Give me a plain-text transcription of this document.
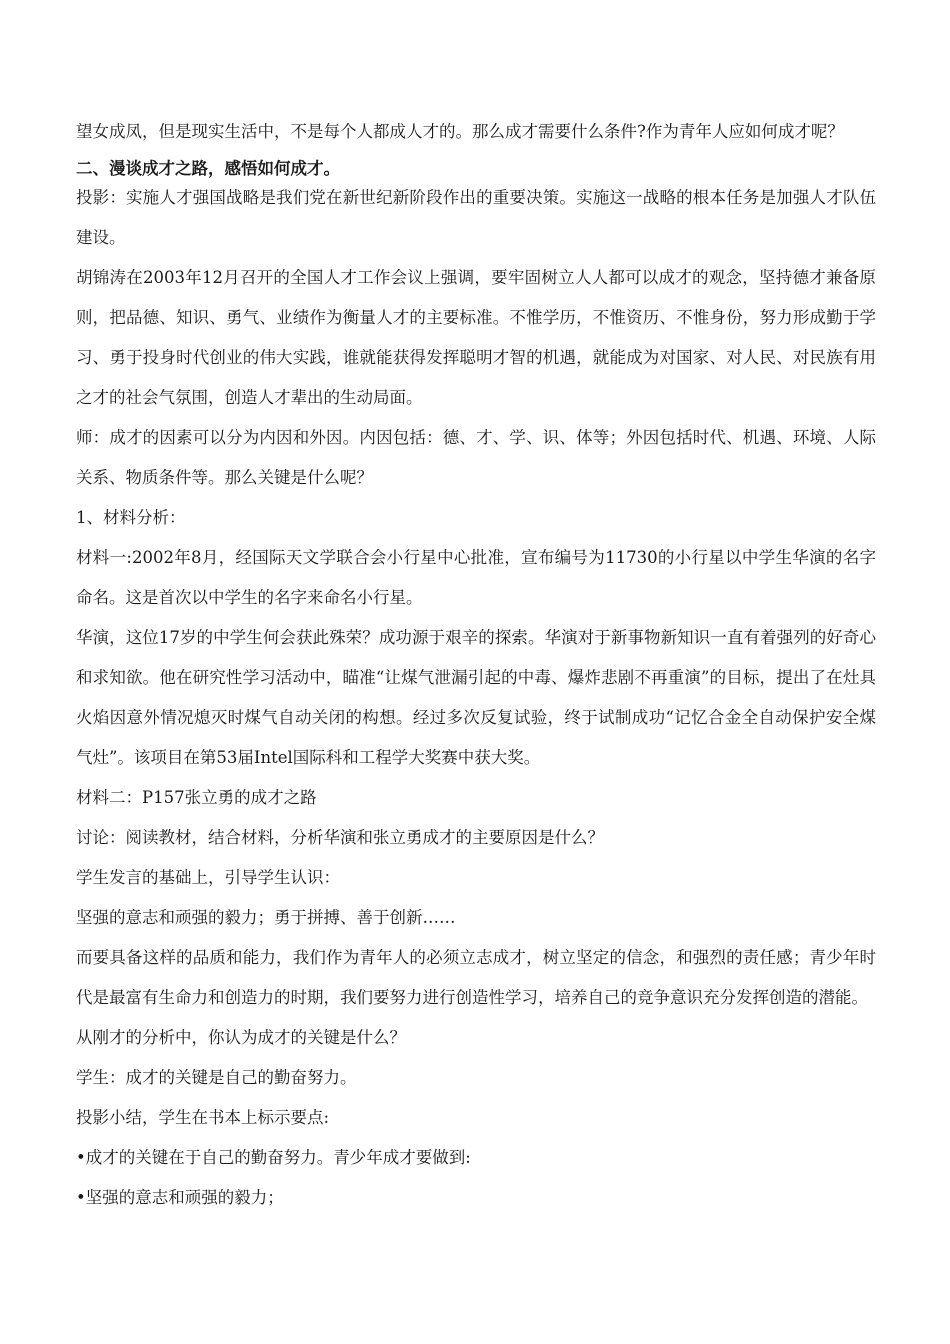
望女成凤，但是现实生活中，不是每个人都成人才的。那么成才需要什么条件?作为青年人应如何成才呢？

二、漫谈成才之路，感悟如何成才。

投影：实施人才强国战略是我们党在新世纪新阶段作出的重要决策。实施这一战略的根本任务是加强人才队伍建设。

胡锦涛在2003年12月召开的全国人才工作会议上强调，要牢固树立人人都可以成才的观念，坚持德才兼备原则，把品德、知识、勇气、业绩作为衡量人才的主要标准。不惟学历，不惟资历、不惟身份，努力形成勤于学习、勇于投身时代创业的伟大实践，谁就能获得发挥聪明才智的机遇，就能成为对国家、对人民、对民族有用之才的社会气氛围，创造人才辈出的生动局面。

师：成才的因素可以分为内因和外因。内因包括：德、才、学、识、体等；外因包括时代、机遇、环境、人际关系、物质条件等。那么关键是什么呢？

1、材料分析：

材料一:2002年8月，经国际天文学联合会小行星中心批准，宣布编号为11730的小行星以中学生华演的名字命名。这是首次以中学生的名字来命名小行星。

华演，这位17岁的中学生何会获此殊荣？成功源于艰辛的探索。华演对于新事物新知识一直有着强列的好奇心和求知欲。他在研究性学习活动中，瞄准“让煤气泄漏引起的中毒、爆炸悲剧不再重演”的目标，提出了在灶具火焰因意外情况熄灭时煤气自动关闭的构想。经过多次反复试验，终于试制成功“记忆合金全自动保护安全煤气灶”。该项目在第53届Intel国际科和工程学大奖赛中获大奖。

材料二：P157张立勇的成才之路

讨论：阅读教材，结合材料，分析华演和张立勇成才的主要原因是什么？

学生发言的基础上，引导学生认识：

坚强的意志和顽强的毅力；勇于拼搏、善于创新……

而要具备这样的品质和能力，我们作为青年人的必须立志成才，树立坚定的信念，和强烈的责任感；青少年时代是最富有生命力和创造力的时期，我们要努力进行创造性学习，培养自己的竞争意识充分发挥创造的潜能。

从刚才的分析中，你认为成才的关键是什么？

学生：成才的关键是自己的勤奋努力。

投影小结，学生在书本上标示要点:

•成才的关键在于自己的勤奋努力。青少年成才要做到:

•坚强的意志和顽强的毅力；
